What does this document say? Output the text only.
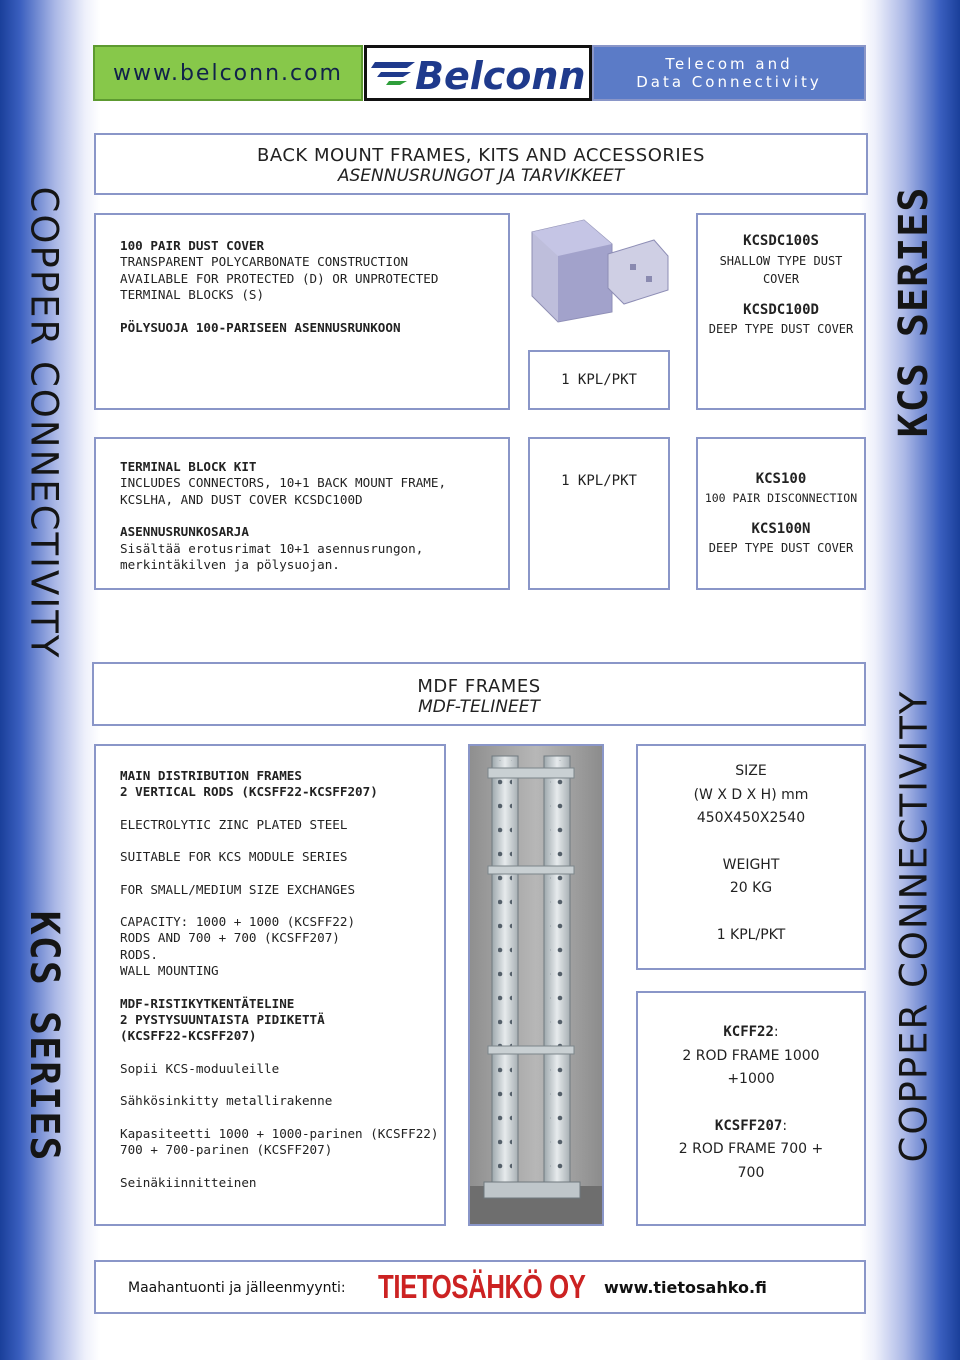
www.belconn.com	Belconn	Telecom and
Data Connectivity
COPPER CONNECTIVITY
KCS SERIES
KCS SERIES
COPPER CONNECTIVITY
BACK MOUNT FRAMES, KITS AND ACCESSORIES
ASENNUSRUNGOT JA TARVIKKEET
100 PAIR DUST COVER
TRANSPARENT POLYCARBONATE CONSTRUCTION
AVAILABLE FOR PROTECTED (D) OR UNPROTECTED
TERMINAL BLOCKS (S)
PÖLYSUOJA 100-PARISEEN ASENNUSRUNKOON
1 KPL/PKT
KCSDC100S
SHALLOW TYPE DUST
COVER
KCSDC100D
DEEP TYPE DUST COVER
TERMINAL BLOCK KIT
INCLUDES CONNECTORS, 10+1 BACK MOUNT FRAME,
KCSLHA, AND DUST COVER KCSDC100D
ASENNUSRUNKOSARJA
Sisältää erotusrimat 10+1 asennusrungon,
merkintäkilven ja pölysuojan.
1 KPL/PKT	KCS100
100 PAIR DISCONNECTION
KCS100N
DEEP TYPE DUST COVER
MDF FRAMES
MDF-TELINEET
MAIN DISTRIBUTION FRAMES
2 VERTICAL RODS (KCSFF22-KCSFF207)
ELECTROLYTIC ZINC PLATED STEEL
SUITABLE FOR KCS MODULE SERIES
FOR SMALL/MEDIUM SIZE EXCHANGES
CAPACITY: 1000 + 1000 (KCSFF22)
RODS AND 700 + 700 (KCSFF207)
RODS.
WALL MOUNTING
MDF-RISTIKYTKENTÄTELINE
2 PYSTYSUUNTAISTA PIDIKETTÄ
(KCSFF22-KCSFF207)
Sopii KCS-moduuleille
Sähkösinkitty metallirakenne
Kapasiteetti 1000 + 1000-parinen (KCSFF22)
700 + 700-parinen (KCSFF207)
Seinäkiinnitteinen
SIZE
(W X D X H) mm
450X450X2540
WEIGHT
20 KG
1 KPL/PKT
KCFF22:
2 ROD FRAME 1000
+1000
KCSFF207:
2 ROD FRAME 700 +
700
Maahantuonti ja jälleenmyynti: TIETOSÄHKÖ OY www.tietosahko.fi
